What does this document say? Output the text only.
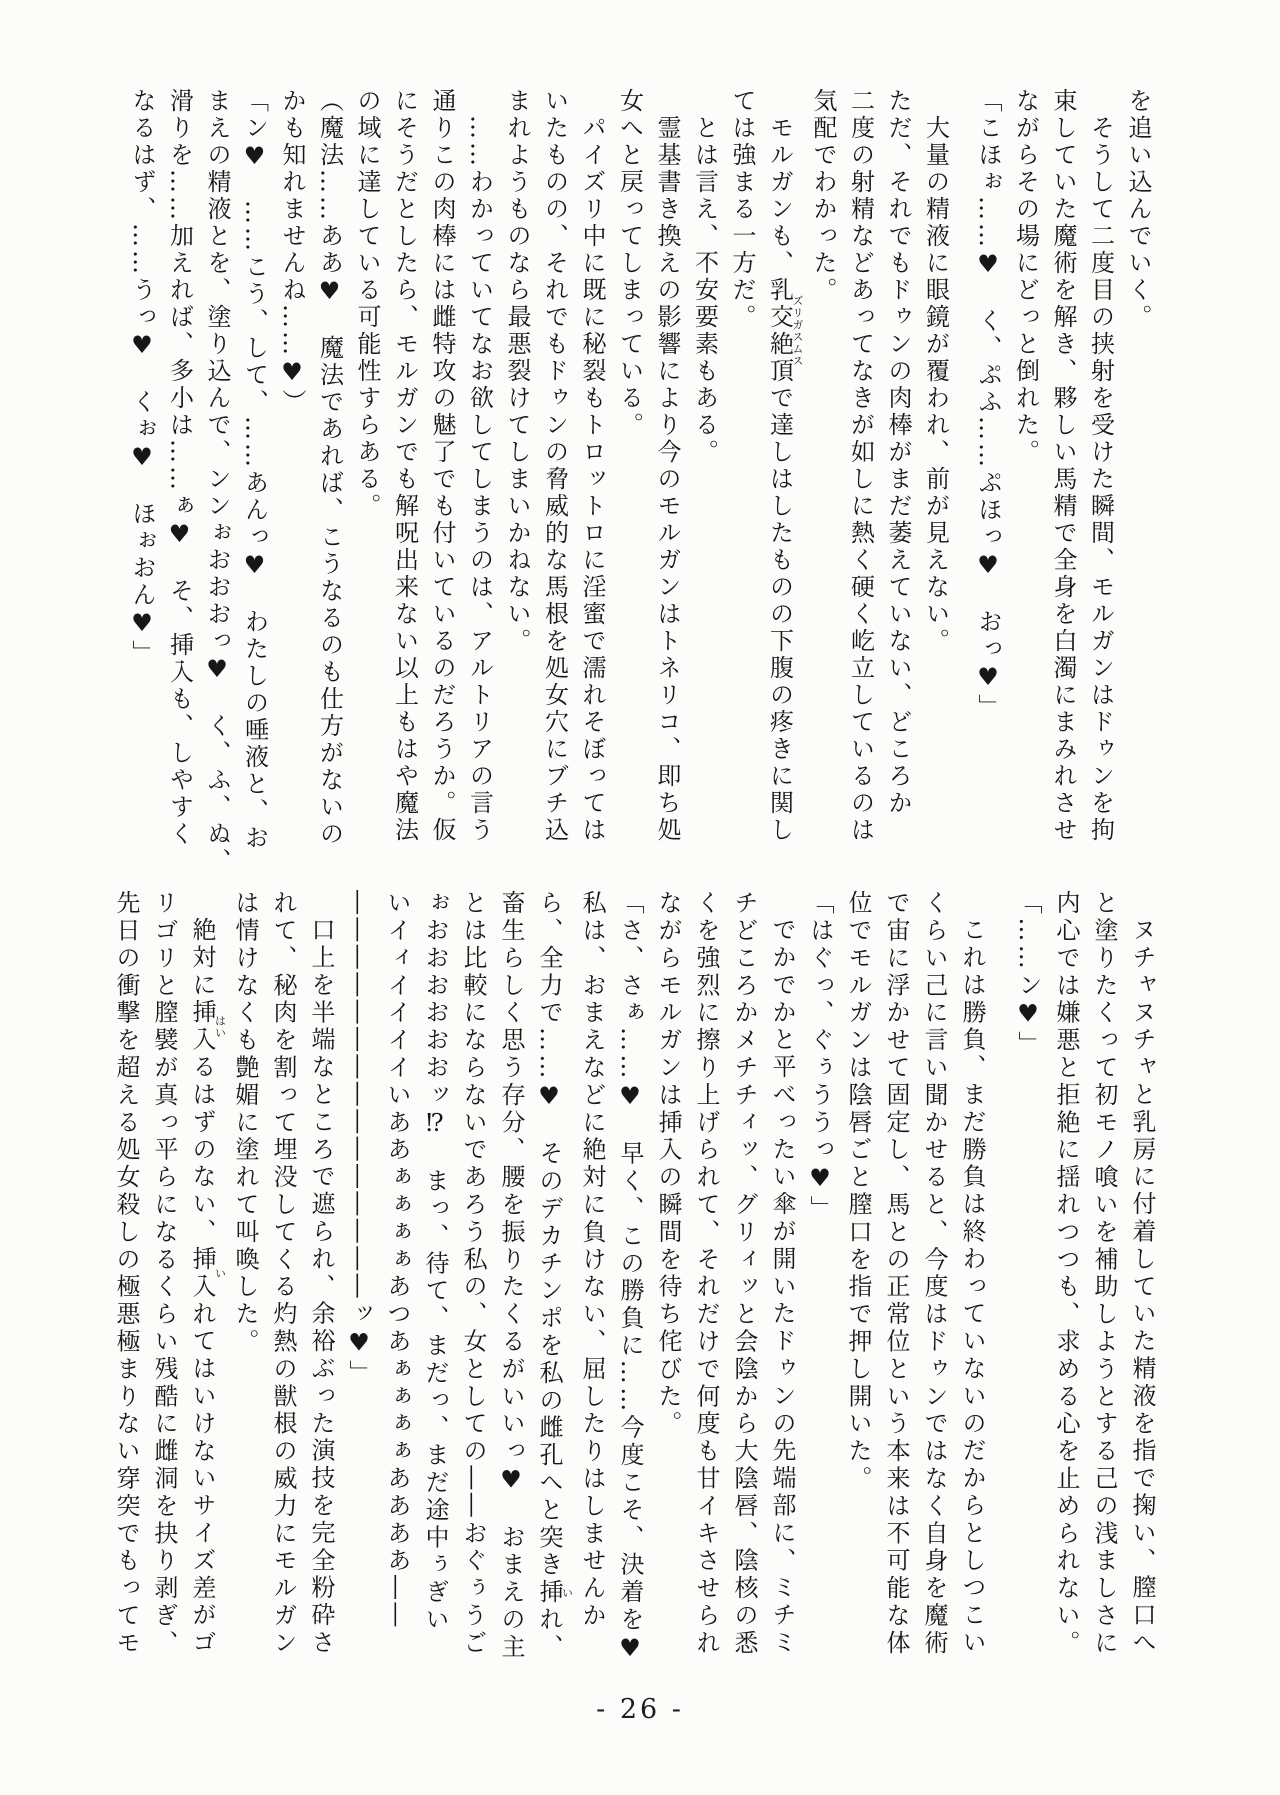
を追い込んでいく。
そうして二度目の挟射を受けた瞬間、モルガンはドゥンを拘
束していた魔術を解き、夥しい馬精で全身を白濁にまみれさせ
ながらその場にどっと倒れた。
「こほぉ……♥　く、ぷふ……ぷほっ♥　おっ♥」
大量の精液に眼鏡が覆われ、前が見えない。
ただ、それでもドゥンの肉棒がまだ萎えていない、どころか
二度の射精などあってなきが如しに熱く硬く屹立しているのは
気配でわかった。
モルガンも、乳交絶頂ズリガスムスで達しはしたものの下腹の疼きに関し
ては強まる一方だ。
とは言え、不安要素もある。
霊基書き換えの影響により今のモルガンはトネリコ、即ち処
女へと戻ってしまっている。
パイズリ中に既に秘裂もトロットロに淫蜜で濡れそぼっては
いたものの、それでもドゥンの脅威的な馬根を処女穴にブチ込
まれようものなら最悪裂けてしまいかねない。
……わかっていてなお欲してしまうのは、アルトリアの言う
通りこの肉棒には雌特攻の魅了でも付いているのだろうか。仮
にそうだとしたら、モルガンでも解呪出来ない以上もはや魔法
の域に達している可能性すらある。
（魔法……ああ♥　魔法であれば、こうなるのも仕方がないの
かも知れませんね……♥）
「ン♥　……こう、して、……あんっ♥　わたしの唾液と、お
まえの精液とを、塗り込んで、ンンぉおおおっ♥　く、ふ、ぬ、
滑りを……加えれば、多小は……ぁ♥　そ、挿入も、しやすく
なるはず、……うっ♥　くぉ♥　ほぉおん♥」
ヌチャヌチャと乳房に付着していた精液を指で掬い、膣口へ
と塗りたくって初モノ喰いを補助しようとする己の浅ましさに
内心では嫌悪と拒絶に揺れつつも、求める心を止められない。
「……ン♥」
これは勝負、まだ勝負は終わっていないのだからとしつこい
くらい己に言い聞かせると、今度はドゥンではなく自身を魔術
で宙に浮かせて固定し、馬との正常位という本来は不可能な体
位でモルガンは陰唇ごと膣口を指で押し開いた。
「はぐっ、ぐぅううっ♥」
でかでかと平べったい傘が開いたドゥンの先端部に、ミチミ
チどころかメチチィッ、グリィッと会陰から大陰唇、陰核の悉
くを強烈に擦り上げられて、それだけで何度も甘イキさせられ
ながらモルガンは挿入の瞬間を待ち侘びた。
「さ、さぁ……♥　早く、この勝負に……今度こそ、決着を♥
私は、おまえなどに絶対に負けない、屈したりはしませんか
ら、全力で……♥　そのデカチンポを私の雌孔へと突き挿いれ、
畜生らしく思う存分、腰を振りたくるがいいっ♥　おまえの主
とは比較にならないであろう私の、女としての――おぐぅうご
ぉおおおおおおッ⁉　まっ、待て、まだっ、まだ途中ぅぎい
いイィイイイイいああぁぁぁぁあつあぁぁぁぁああああ――
―――――――――――――――ッ♥」
口上を半端なところで遮られ、余裕ぶった演技を完全粉砕さ
れて、秘肉を割って埋没してくる灼熱の獣根の威力にモルガン
は情けなくも艶媚に塗れて叫喚した。
絶対に挿入はいるはずのない、挿入いれてはいけないサイズ差がゴ
リゴリと膣襞が真っ平らになるくらい残酷に雌洞を抉り剥ぎ、
先日の衝撃を超える処女殺しの極悪極まりない穿突でもってモ
- 26 -
